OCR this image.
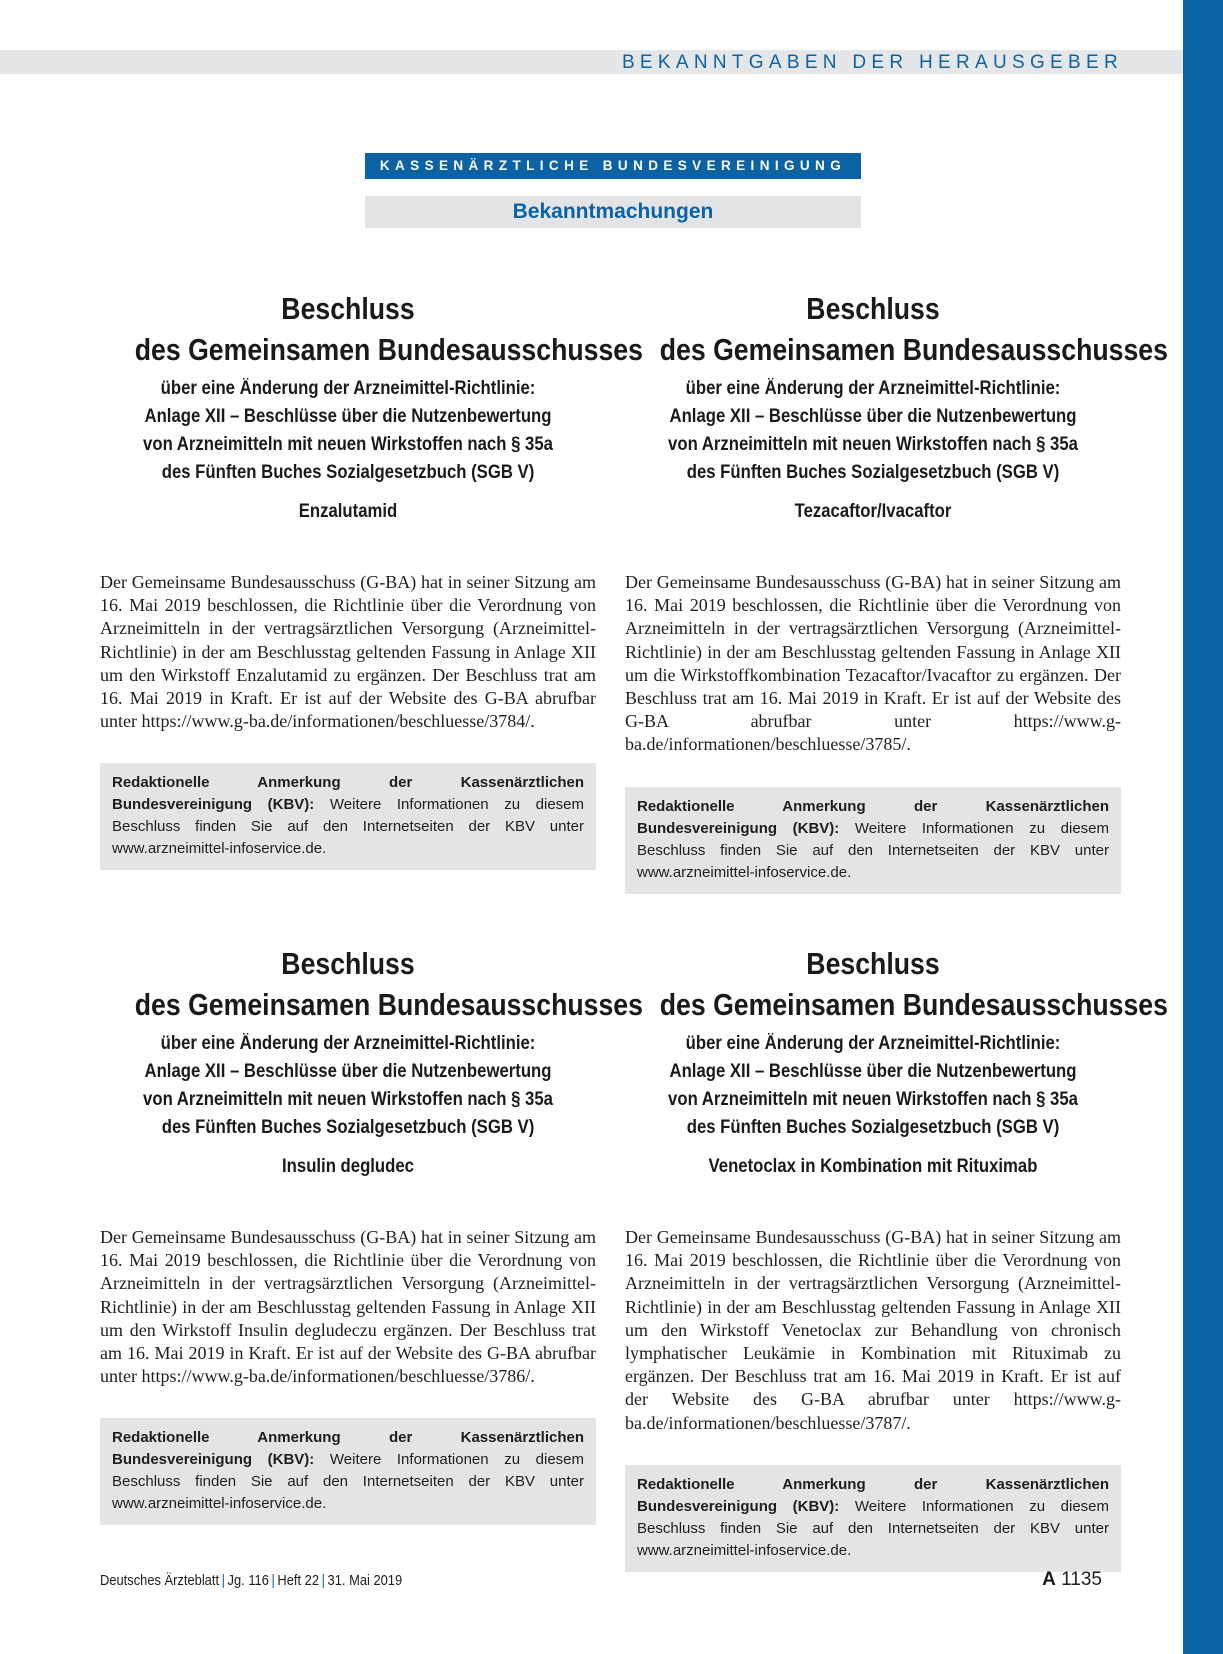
BEKANNTGABEN DER HERAUSGEBER
KASSENÄRZTLICHE BUNDESVEREINIGUNG
Bekanntmachungen
Beschluss
des Gemeinsamen Bundesausschusses

über eine Änderung der Arzneimittel-Richtlinie:

Anlage XII – Beschlüsse über die Nutzenbewertung

von Arzneimitteln mit neuen Wirkstoffen nach § 35a

des Fünften Buches Sozialgesetzbuch (SGB V)

Enzalutamid

Der Gemeinsame Bundesausschuss (G-BA) hat in seiner Sitzung am 16. Mai 2019 beschlossen, die Richtlinie über die Verordnung von Arzneimitteln in der vertragsärztlichen Versorgung (Arzneimittel-Richtlinie) in der am Beschlusstag geltenden Fassung in Anlage XII um den Wirkstoff Enzalutamid zu ergänzen. Der Beschluss trat am 16. Mai 2019 in Kraft. Er ist auf der Website des G-BA abrufbar unter https://www.g-ba.de/informationen/beschluesse/3784/.

Redaktionelle Anmerkung der Kassenärztlichen Bundesvereinigung (KBV): Weitere Informationen zu diesem Beschluss finden Sie auf den Internetseiten der KBV unter www.arzneimittel-infoservice.de.
Beschluss
des Gemeinsamen Bundesausschusses

über eine Änderung der Arzneimittel-Richtlinie:

Anlage XII – Beschlüsse über die Nutzenbewertung

von Arzneimitteln mit neuen Wirkstoffen nach § 35a

des Fünften Buches Sozialgesetzbuch (SGB V)

Tezacaftor/Ivacaftor

Der Gemeinsame Bundesausschuss (G-BA) hat in seiner Sitzung am 16. Mai 2019 beschlossen, die Richtlinie über die Verordnung von Arzneimitteln in der vertragsärztlichen Versorgung (Arzneimittel-Richtlinie) in der am Beschlusstag geltenden Fassung in Anlage XII um die Wirkstoffkombination Tezacaftor/Ivacaftor zu ergänzen. Der Beschluss trat am 16. Mai 2019 in Kraft. Er ist auf der Website des G-BA abrufbar unter https://www.g-ba.de/informationen/beschluesse/3785/.

Redaktionelle Anmerkung der Kassenärztlichen Bundesvereinigung (KBV): Weitere Informationen zu diesem Beschluss finden Sie auf den Internetseiten der KBV unter www.arzneimittel-infoservice.de.
Beschluss
des Gemeinsamen Bundesausschusses

über eine Änderung der Arzneimittel-Richtlinie:

Anlage XII – Beschlüsse über die Nutzenbewertung

von Arzneimitteln mit neuen Wirkstoffen nach § 35a

des Fünften Buches Sozialgesetzbuch (SGB V)

Insulin degludec

Der Gemeinsame Bundesausschuss (G-BA) hat in seiner Sitzung am 16. Mai 2019 beschlossen, die Richtlinie über die Verordnung von Arzneimitteln in der vertragsärztlichen Versorgung (Arzneimittel-Richtlinie) in der am Beschlusstag geltenden Fassung in Anlage XII um den Wirkstoff Insulin degludeczu ergänzen. Der Beschluss trat am 16. Mai 2019 in Kraft. Er ist auf der Website des G-BA abrufbar unter https://www.g-ba.de/informationen/beschluesse/3786/.

Redaktionelle Anmerkung der Kassenärztlichen Bundesvereinigung (KBV): Weitere Informationen zu diesem Beschluss finden Sie auf den Internetseiten der KBV unter www.arzneimittel-infoservice.de.
Beschluss
des Gemeinsamen Bundesausschusses

über eine Änderung der Arzneimittel-Richtlinie:

Anlage XII – Beschlüsse über die Nutzenbewertung

von Arzneimitteln mit neuen Wirkstoffen nach § 35a

des Fünften Buches Sozialgesetzbuch (SGB V)

Venetoclax in Kombination mit Rituximab

Der Gemeinsame Bundesausschuss (G-BA) hat in seiner Sitzung am 16. Mai 2019 beschlossen, die Richtlinie über die Verordnung von Arzneimitteln in der vertragsärztlichen Versorgung (Arzneimittel-Richtlinie) in der am Beschlusstag geltenden Fassung in Anlage XII um den Wirkstoff Venetoclax zur Behandlung von chronisch lymphatischer Leukämie in Kombination mit Rituximab zu ergänzen. Der Beschluss trat am 16. Mai 2019 in Kraft. Er ist auf der Website des G-BA abrufbar unter https://www.g-ba.de/informationen/beschluesse/3787/.

Redaktionelle Anmerkung der Kassenärztlichen Bundesvereinigung (KBV): Weitere Informationen zu diesem Beschluss finden Sie auf den Internetseiten der KBV unter www.arzneimittel-infoservice.de.
Deutsches Ärzteblatt | Jg. 116 | Heft 22 | 31. Mai 2019	A 1135
